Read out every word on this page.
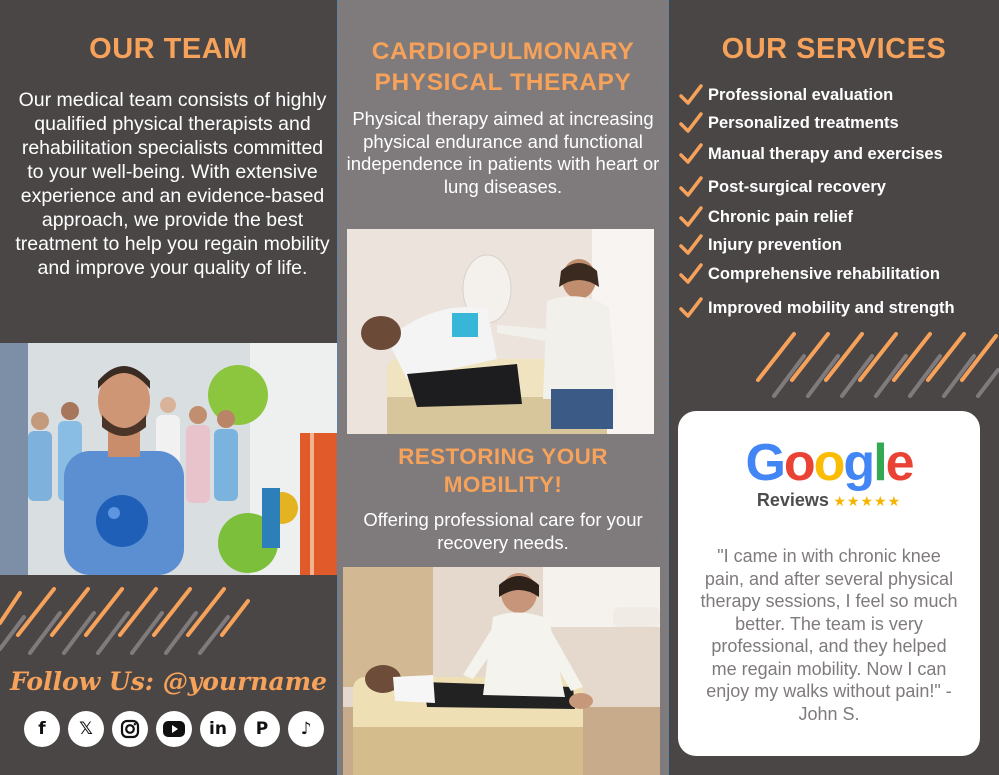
OUR TEAM

Our medical team consists of highly qualified physical therapists and rehabilitation specialists committed to your well-being. With extensive experience and an evidence-based approach, we provide the best treatment to help you regain mobility and improve your quality of life.

Follow Us: @yourname
f 𝕏	in P ♪
CARDIOPULMONARY PHYSICAL THERAPY

Physical therapy aimed at increasing physical endurance and functional independence in patients with heart or lung diseases.

RESTORING YOUR MOBILITY!

Offering professional care for your recovery needs.

OUR SERVICES
Professional evaluation
Personalized treatments
Manual therapy and exercises
Post-surgical recovery
Chronic pain relief
Injury prevention
Comprehensive rehabilitation
Improved mobility and strength
Google
Reviews ★★★★★

"I came in with chronic knee pain, and after several physical therapy sessions, I feel so much better. The team is very professional, and they helped me regain mobility. Now I can enjoy my walks without pain!" - John S.
